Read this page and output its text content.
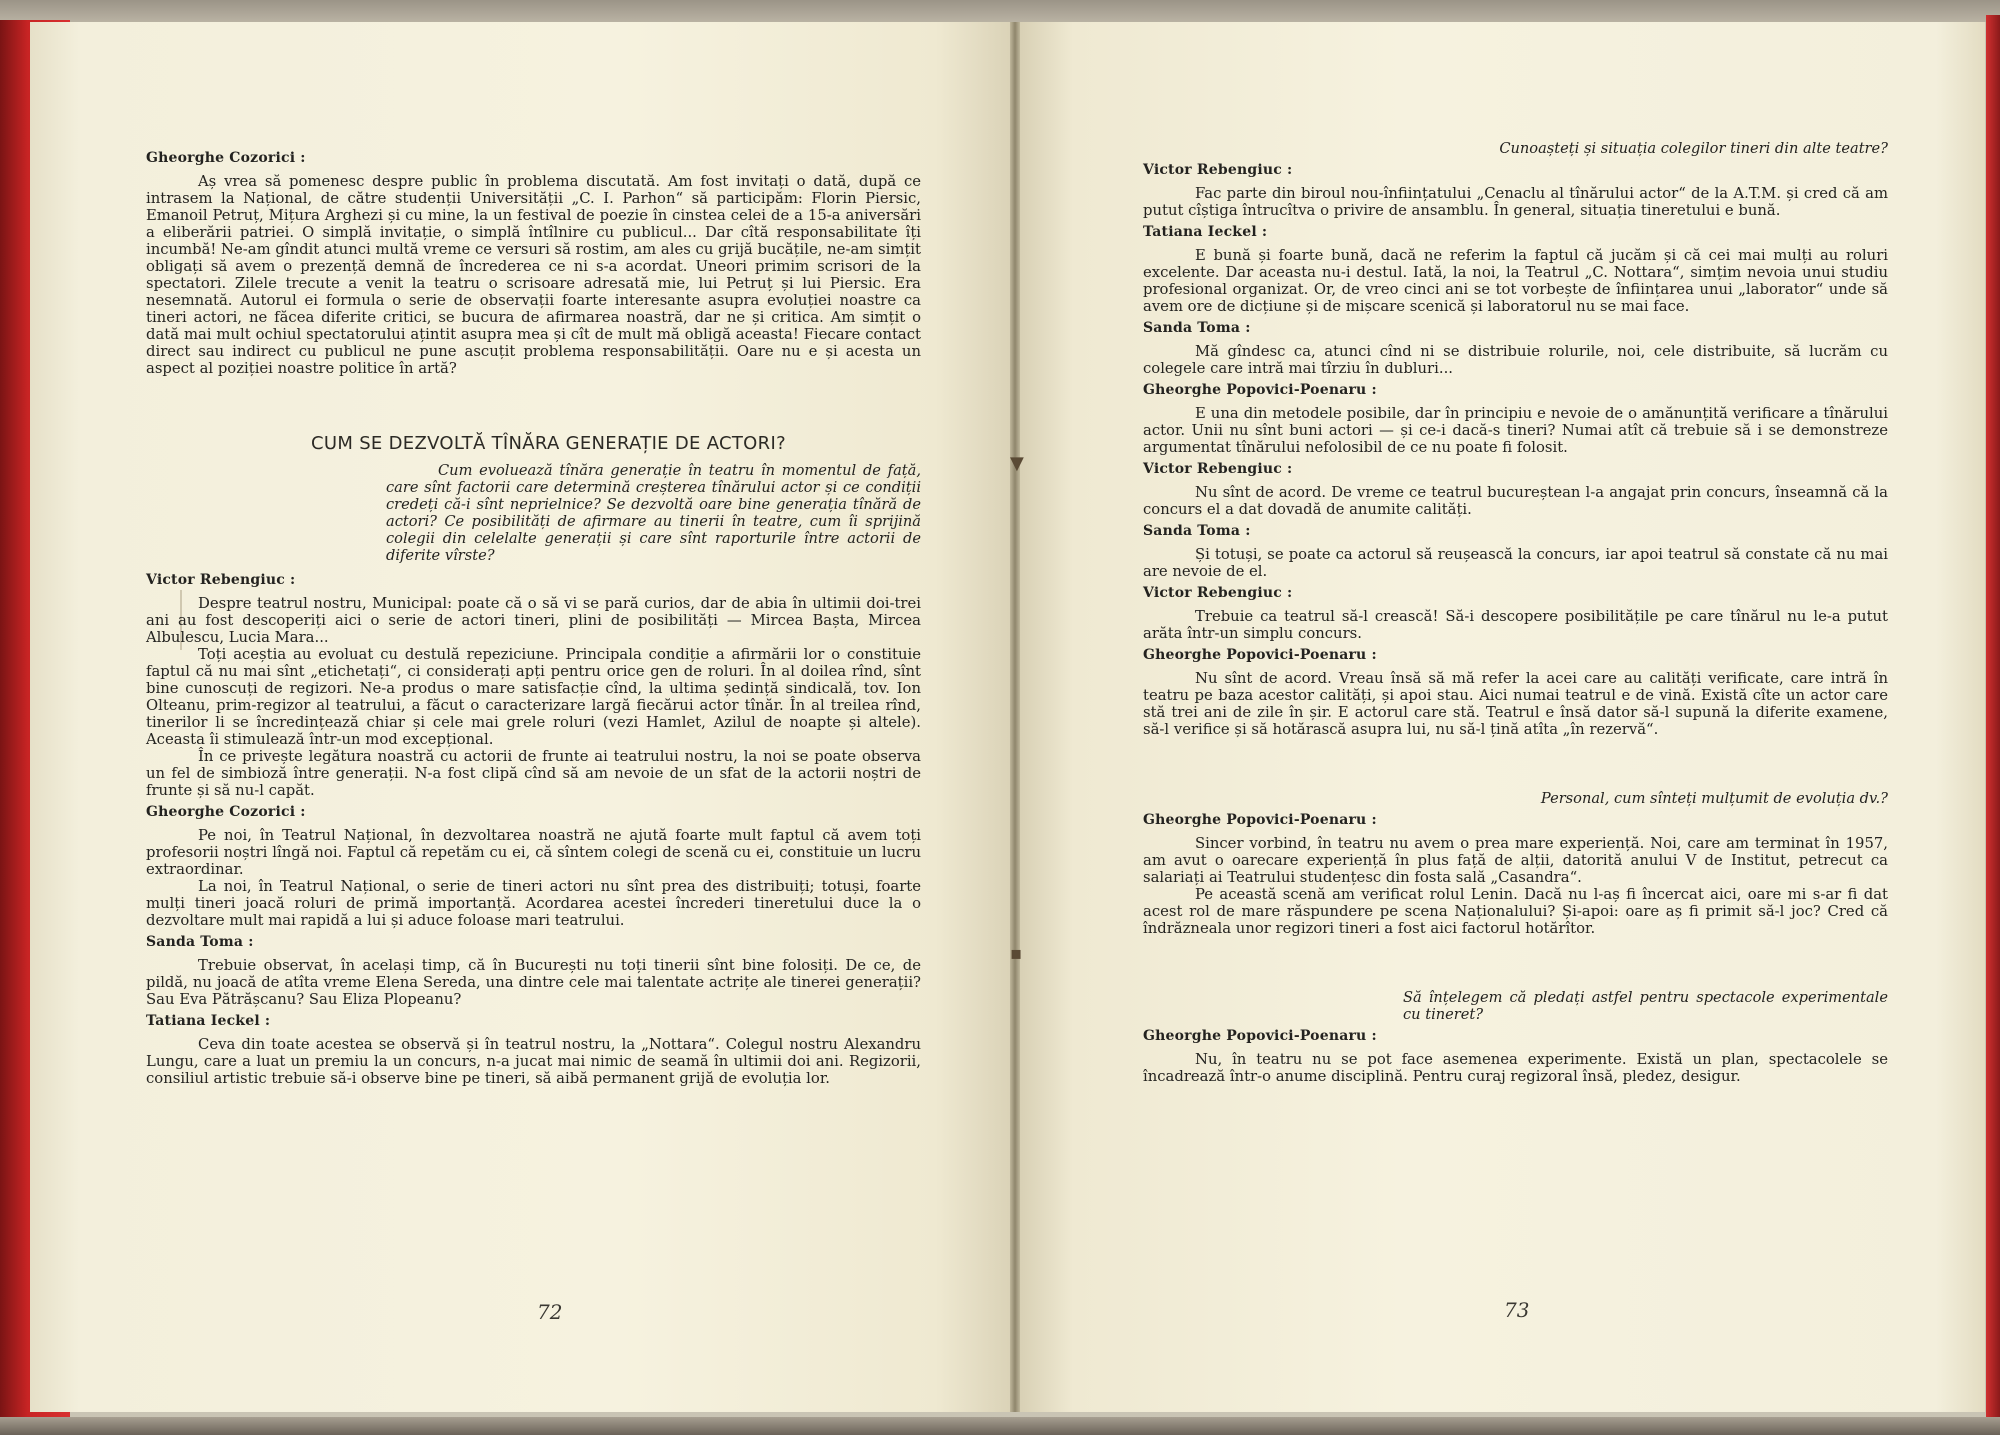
▼
▪
Gheorghe Cozorici :

Aș vrea să pomenesc despre public în problema discutată. Am fost invitați o dată, după ce intrasem la Național, de către studenții Universității „C. I. Parhon“ să participăm: Florin Piersic, Emanoil Petruț, Mițura Arghezi și cu mine, la un festival de poezie în cinstea celei de a 15-a aniversări a eliberării patriei. O simplă invitație, o simplă întîlnire cu publicul... Dar cîtă responsabilitate îți incumbă! Ne-am gîndit atunci multă vreme ce versuri să rostim, am ales cu grijă bucățile, ne-am simțit obligați să avem o prezență demnă de încrederea ce ni s-a acordat. Uneori primim scrisori de la spectatori. Zilele trecute a venit la teatru o scrisoare adresată mie, lui Petruț și lui Piersic. Era nesemnată. Autorul ei formula o serie de observații foarte interesante asupra evoluției noastre ca tineri actori, ne făcea diferite critici, se bucura de afirmarea noastră, dar ne și critica. Am simțit o dată mai mult ochiul spectatorului ațintit asupra mea și cît de mult mă obligă aceasta! Fiecare contact direct sau indirect cu publicul ne pune ascuțit problema responsabilității. Oare nu e și acesta un aspect al poziției noastre politice în artă?

CUM SE DEZVOLTĂ TÎNĂRA GENERAȚIE DE ACTORI?

Cum evoluează tînăra generație în teatru în momentul de față, care sînt factorii care determină creșterea tînărului actor și ce condiții credeți că-i sînt neprielnice? Se dezvoltă oare bine generația tînără de actori? Ce posibilități de afirmare au tinerii în teatre, cum îi sprijină colegii din celelalte generații și care sînt raporturile între actorii de diferite vîrste?

Victor Rebengiuc :

Despre teatrul nostru, Municipal: poate că o să vi se pară curios, dar de abia în ultimii doi-trei ani au fost descoperiți aici o serie de actori tineri, plini de posibilități — Mircea Bașta, Mircea Albulescu, Lucia Mara...

Toți aceștia au evoluat cu destulă repeziciune. Principala condiție a afirmării lor o constituie faptul că nu mai sînt „etichetați“, ci considerați apți pentru orice gen de roluri. În al doilea rînd, sînt bine cunoscuți de regizori. Ne-a produs o mare satisfacție cînd, la ultima ședință sindicală, tov. Ion Olteanu, prim-regizor al teatrului, a făcut o caracterizare largă fiecărui actor tînăr. În al treilea rînd, tinerilor li se încredințează chiar și cele mai grele roluri (vezi Hamlet, Azilul de noapte și altele). Aceasta îi stimulează într-un mod excepțional.

În ce privește legătura noastră cu actorii de frunte ai teatrului nostru, la noi se poate observa un fel de simbioză între generații. N-a fost clipă cînd să am nevoie de un sfat de la actorii noștri de frunte și să nu-l capăt.

Gheorghe Cozorici :

Pe noi, în Teatrul Național, în dezvoltarea noastră ne ajută foarte mult faptul că avem toți profesorii noștri lîngă noi. Faptul că repetăm cu ei, că sîntem colegi de scenă cu ei, constituie un lucru extraordinar.

La noi, în Teatrul Național, o serie de tineri actori nu sînt prea des distribuiți; totuși, foarte mulți tineri joacă roluri de primă importanță. Acordarea acestei încrederi tineretului duce la o dezvoltare mult mai rapidă a lui și aduce foloase mari teatrului.

Sanda Toma :

Trebuie observat, în același timp, că în București nu toți tinerii sînt bine folosiți. De ce, de pildă, nu joacă de atîta vreme Elena Sereda, una dintre cele mai talentate actrițe ale tinerei generații? Sau Eva Pătrășcanu? Sau Eliza Plopeanu?

Tatiana Ieckel :

Ceva din toate acestea se observă și în teatrul nostru, la „Nottara“. Colegul nostru Alexandru Lungu, care a luat un premiu la un concurs, n-a jucat mai nimic de seamă în ultimii doi ani. Regizorii, consiliul artistic trebuie să-i observe bine pe tineri, să aibă permanent grijă de evoluția lor.

72

Cunoașteți și situația colegilor tineri din alte teatre?

Victor Rebengiuc :

Fac parte din biroul nou-înființatului „Cenaclu al tînărului actor“ de la A.T.M. și cred că am putut cîștiga întrucîtva o privire de ansamblu. În general, situația tineretului e bună.

Tatiana Ieckel :

E bună și foarte bună, dacă ne referim la faptul că jucăm și că cei mai mulți au roluri excelente. Dar aceasta nu-i destul. Iată, la noi, la Teatrul „C. Nottara“, simțim nevoia unui studiu profesional organizat. Or, de vreo cinci ani se tot vorbește de înființarea unui „laborator“ unde să avem ore de dicțiune și de mișcare scenică și laboratorul nu se mai face.

Sanda Toma :

Mă gîndesc ca, atunci cînd ni se distribuie rolurile, noi, cele distribuite, să lucrăm cu colegele care intră mai tîrziu în dubluri...

Gheorghe Popovici-Poenaru :

E una din metodele posibile, dar în principiu e nevoie de o amănunțită verificare a tînărului actor. Unii nu sînt buni actori — și ce-i dacă-s tineri? Numai atît că trebuie să i se demonstreze argumentat tînărului nefolosibil de ce nu poate fi folosit.

Victor Rebengiuc :

Nu sînt de acord. De vreme ce teatrul bucureștean l-a angajat prin concurs, înseamnă că la concurs el a dat dovadă de anumite calități.

Sanda Toma :

Și totuși, se poate ca actorul să reușească la concurs, iar apoi teatrul să constate că nu mai are nevoie de el.

Victor Rebengiuc :

Trebuie ca teatrul să-l crească! Să-i descopere posibilitățile pe care tînărul nu le-a putut arăta într-un simplu concurs.

Gheorghe Popovici-Poenaru :

Nu sînt de acord. Vreau însă să mă refer la acei care au calități verificate, care intră în teatru pe baza acestor calități, și apoi stau. Aici numai teatrul e de vină. Există cîte un actor care stă trei ani de zile în șir. E actorul care stă. Teatrul e însă dator să-l supună la diferite examene, să-l verifice și să hotărască asupra lui, nu să-l țină atîta „în rezervă“.

Personal, cum sînteți mulțumit de evoluția dv.?

Gheorghe Popovici-Poenaru :

Sincer vorbind, în teatru nu avem o prea mare experiență. Noi, care am terminat în 1957, am avut o oarecare experiență în plus față de alții, datorită anului V de Institut, petrecut ca salariați ai Teatrului studențesc din fosta sală „Casandra“.

Pe această scenă am verificat rolul Lenin. Dacă nu l-aș fi încercat aici, oare mi s-ar fi dat acest rol de mare răspundere pe scena Naționalului? Și-apoi: oare aș fi primit să-l joc? Cred că îndrăzneala unor regizori tineri a fost aici factorul hotărîtor.

Să înțelegem că pledați astfel pentru spectacole experimentale cu tineret?

Gheorghe Popovici-Poenaru :

Nu, în teatru nu se pot face asemenea experimente. Există un plan, spectacolele se încadrează într-o anume disciplină. Pentru curaj regizoral însă, pledez, desigur.

73
